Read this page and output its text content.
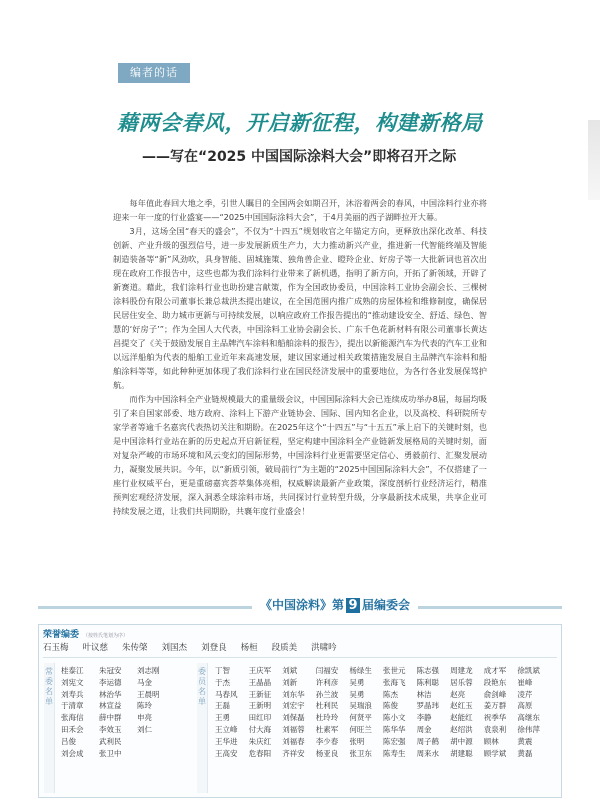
编者的话
藉两会春风，开启新征程，构建新格局
——写在“2025 中国国际涂料大会”即将召开之际

每年值此春回大地之季，引世人瞩目的全国两会如期召开，沐浴着两会的春风，中国涂料行业亦将迎来一年一度的行业盛宴——“2025中国国际涂料大会”，于4月美丽的西子湖畔拉开大幕。

3月，这场全国“春天的盛会”，不仅为“十四五”规划收官之年锚定方向，更释放出深化改革、科技创新、产业升级的强烈信号，进一步发展新质生产力，大力推动新兴产业，推进新一代智能终端及智能制造装备等“新”风劲吹，具身智能、固城施策、独角兽企业、瞪羚企业、好房子等一大批新词也首次出现在政府工作报告中，这些也都为我们涂料行业带来了新机遇，指明了新方向，开拓了新领域，开辟了新赛道。藉此，我们涂料行业也助扮建言献策，作为全国政协委员，中国涂料工业协会副会长、三棵树涂料股份有限公司董事长兼总裁洪杰提出建议，在全国范围内推广成熟的房屋体检和维修制度，确保居民居住安全、助力城市更新与可持续发展，以响应政府工作报告提出的“推动建设安全、舒适、绿色、智慧的‘好房子’”；作为全国人大代表，中国涂料工业协会副会长、广东千色花新材料有限公司董事长黄达昌提交了《关于鼓励发展自主品牌汽车涂料和船舶涂料的报告》，提出以新能源汽车为代表的汽车工业和以远洋船舶为代表的船舶工业近年来高速发展，建议国家通过相关政策措施发展自主品牌汽车涂料和船舶涂料等等，如此种种更加体现了我们涂料行业在国民经济发展中的重要地位，为各行各业发展保驾护航。

而作为中国涂料全产业链规模最大的重量级会议，中国国际涂料大会已连续成功举办8届，每届均吸引了来自国家部委、地方政府、涂料上下游产业链协会、国际、国内知名企业，以及高校、科研院所专家学者等逾千名嘉宾代表热切关注和期盼。在2025年这个“十四五”与“十五五”承上启下的关键时刻，也是中国涂料行业站在新的历史起点开启新征程，坚定构建中国涂料全产业链新发展格局的关键时刻，面对复杂严峻的市场环境和风云变幻的国际形势，中国涂料行业更需要坚定信心、勇毅前行、汇聚发展动力，凝聚发展共识。今年，以“新质引领，破局前行”为主题的“2025中国国际涂料大会”，不仅搭建了一座行业权威平台，更是重磅嘉宾荟萃集体亮相，权威解读最新产业政策，深度剖析行业经济运行，精准预判宏观经济发展，深入洞悉全球涂料市场，共同探讨行业转型升级，分享最新技术成果，共享企业可持续发展之道，让我们共同期盼，共襄年度行业盛会！

《中国涂料》第 9 届编委会
荣誉编委 （按姓氏笔划为序）
石玉梅 叶议慈 朱传棨 刘国杰 刘登良 杨桓 段质美 洪啸吟
常委名单
桂泰江	朱冠安	刘志刚
刘宪文	李运德	马金
刘寿兵	林治华	王晨明
于清章	林宣益	陈玲
张海信	薛中群	申亮
田禾会	李效玉	刘仁
吕俊	武利民
刘会成	张卫中
委员名单
丁智	王庆军	刘斌	闫福安	杨绿生	张世元	陈志强	周建龙	成才军	徐凯斌
于杰	王晶晶	刘新	许利彦	吴勇	张海飞	陈利聪	居乐蓉	段艳东	崔峰
马春风	王新征	刘东华	孙兰波	吴勇	陈杰	林洁	赵亮	俞剑峰	凌芹
王磊	王新明	刘宏宇	杜利民	吴瑞浪	陈俊	罗晶玮	赵红玉	姜万群	高原
王勇	田红印	刘保磊	杜玲玲	何贤平	陈小文	李静	赵能红	祝季华	高继东
王立峰	付大海	刘福蓉	杜素军	何旺兰	陈华华	周金	赵绍洪	袁泉利	徐伟萍
王华进	朱庆红	刘福春	李少春	张明	陈宏强	周子鹤	胡中源	顾林	黄震
王高安	危春阳	齐祥安	杨亚良	张卫东	陈寿生	周来水	胡建聪	顾学斌	黄磊
